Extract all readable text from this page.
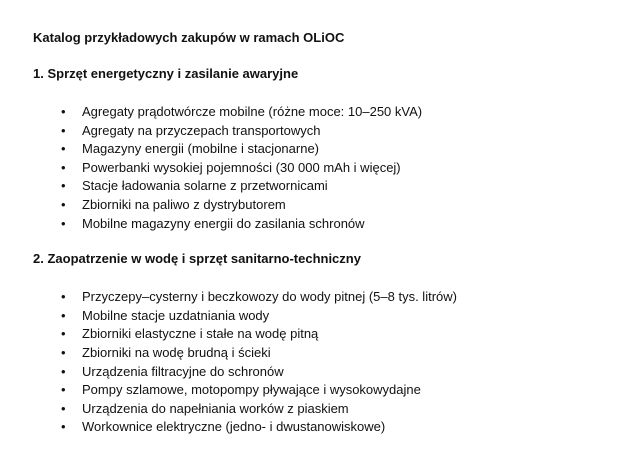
Katalog przykładowych zakupów w ramach OLiOC
1. Sprzęt energetyczny i zasilanie awaryjne
• Agregaty prądotwórcze mobilne (różne moce: 10–250 kVA)
• Agregaty na przyczepach transportowych
• Magazyny energii (mobilne i stacjonarne)
• Powerbanki wysokiej pojemności (30 000 mAh i więcej)
• Stacje ładowania solarne z przetwornicami
• Zbiorniki na paliwo z dystrybutorem
• Mobilne magazyny energii do zasilania schronów
2. Zaopatrzenie w wodę i sprzęt sanitarno-techniczny
• Przyczepy–cysterny i beczkowozy do wody pitnej (5–8 tys. litrów)
• Mobilne stacje uzdatniania wody
• Zbiorniki elastyczne i stałe na wodę pitną
• Zbiorniki na wodę brudną i ścieki
• Urządzenia filtracyjne do schronów
• Pompy szlamowe, motopompy pływające i wysokowydajne
• Urządzenia do napełniania worków z piaskiem
• Workownice elektryczne (jedno- i dwustanowiskowe)
